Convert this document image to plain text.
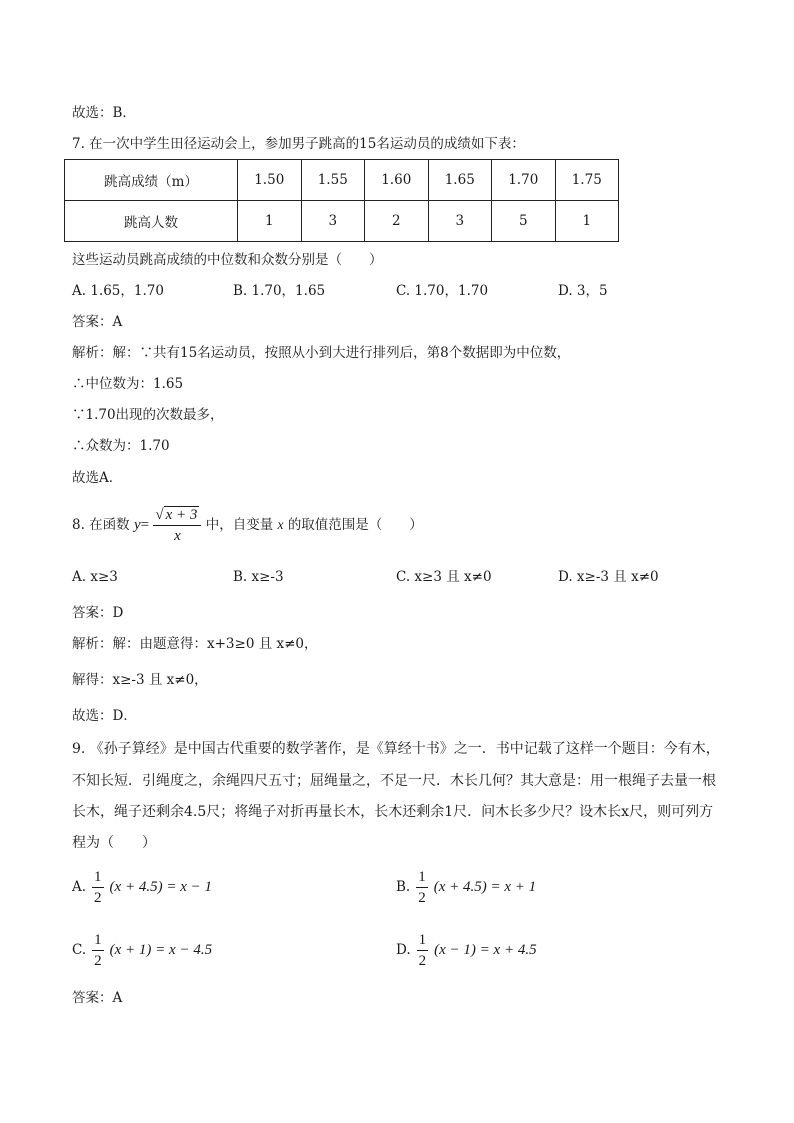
故选：B．
7. 在一次中学生田径运动会上，参加男子跳高的15名运动员的成绩如下表：
跳高成绩（m）	1.50	1.55	1.60	1.65	1.70	1.75
跳高人数	1	3	2	3	5	1
这些运动员跳高成绩的中位数和众数分别是（　　）
A. 1.65，1.70	B. 1.70，1.65	C. 1.70，1.70	D. 3，5
答案：A
解析：解：∵共有15名运动员，按照从小到大进行排列后，第8个数据即为中位数，
∴中位数为：1.65
∵1.70出现的次数最多，
∴众数为：1.70
故选A．
8. 在函数 $y= \frac{√ x + 3}{x}$ 中，自变量 x 的取值范围是（　　）
A. x≥3	B. x≥-3	C. x≥3 且 x≠0	D. x≥-3 且 x≠0
答案：D
解析：解：由题意得：x+3≥0 且 x≠0，
解得：x≥-3 且 x≠0，
故选：D．
9. 《孙子算经》是中国古代重要的数学著作，是《算经十书》之一．书中记载了这样一个题目：今有木，
不知长短．引绳度之，余绳四尺五寸；屈绳量之，不足一尺．木长几何？其大意是：用一根绳子去量一根
长木，绳子还剩余4.5尺；将绳子对折再量长木，长木还剩余1尺．问木长多少尺？设木长x尺，则可列方
程为（　　）
A. $\frac{1}{2} (x + 4.5) = x - 1$	B. $\frac{1}{2} (x + 4.5) = x + 1$
C. $\frac{1}{2} (x + 1) = x - 4.5$	D. $\frac{1}{2} (x - 1) = x + 4.5$
答案：A
